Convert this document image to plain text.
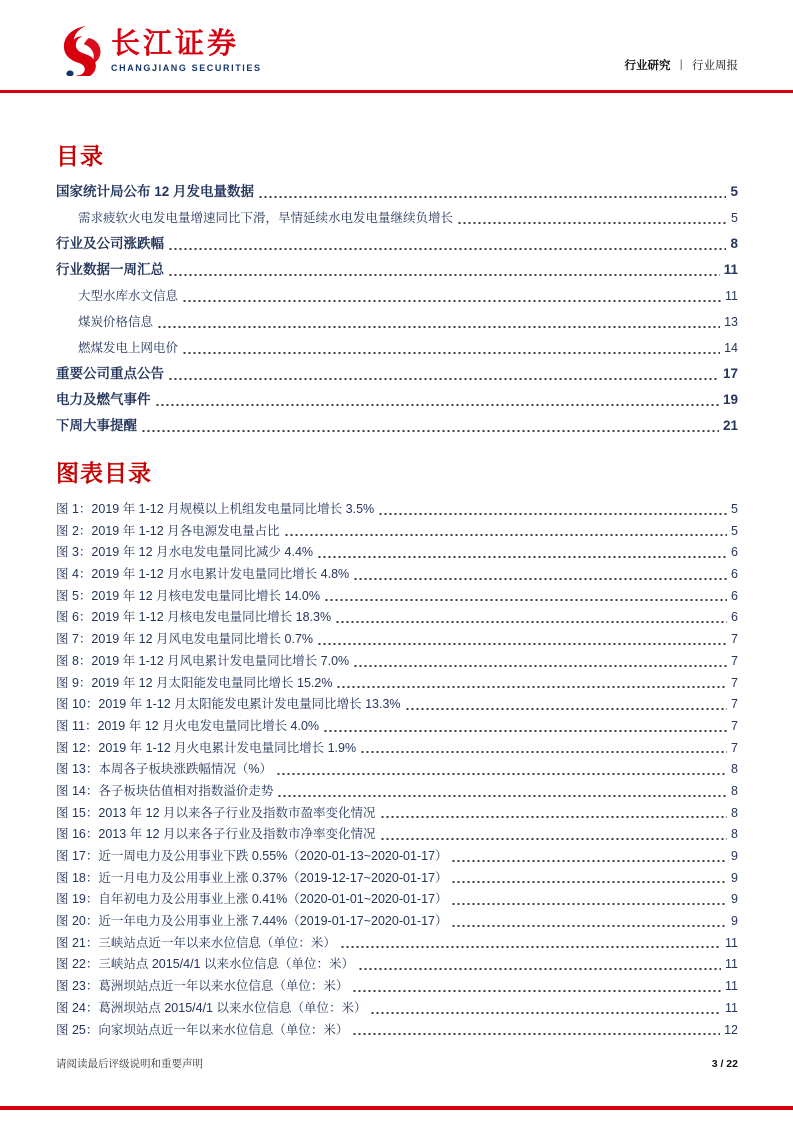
长江证券
CHANGJIANG SECURITIES	行业研究 丨 行业周报
目录
国家统计局公布 12 月发电量数据	5
需求疲软火电发电量增速同比下滑，旱情延续水电发电量继续负增长	5
行业及公司涨跌幅	8
行业数据一周汇总	11
大型水库水文信息	11
煤炭价格信息	13
燃煤发电上网电价	14
重要公司重点公告	17
电力及燃气事件	19
下周大事提醒	21
图表目录
图 1：2019 年 1-12 月规模以上机组发电量同比增长 3.5%	5
图 2：2019 年 1-12 月各电源发电量占比	5
图 3：2019 年 12 月水电发电量同比减少 4.4%	6
图 4：2019 年 1-12 月水电累计发电量同比增长 4.8%	6
图 5：2019 年 12 月核电发电量同比增长 14.0%	6
图 6：2019 年 1-12 月核电发电量同比增长 18.3%	6
图 7：2019 年 12 月风电发电量同比增长 0.7%	7
图 8：2019 年 1-12 月风电累计发电量同比增长 7.0%	7
图 9：2019 年 12 月太阳能发电量同比增长 15.2%	7
图 10：2019 年 1-12 月太阳能发电累计发电量同比增长 13.3%	7
图 11：2019 年 12 月火电发电量同比增长 4.0%	7
图 12：2019 年 1-12 月火电累计发电量同比增长 1.9%	7
图 13：本周各子板块涨跌幅情况（%）	8
图 14：各子板块估值相对指数溢价走势	8
图 15：2013 年 12 月以来各子行业及指数市盈率变化情况	8
图 16：2013 年 12 月以来各子行业及指数市净率变化情况	8
图 17：近一周电力及公用事业下跌 0.55%（2020-01-13~2020-01-17）	9
图 18：近一月电力及公用事业上涨 0.37%（2019-12-17~2020-01-17）	9
图 19：自年初电力及公用事业上涨 0.41%（2020-01-01~2020-01-17）	9
图 20：近一年电力及公用事业上涨 7.44%（2019-01-17~2020-01-17）	9
图 21：三峡站点近一年以来水位信息（单位：米）	11
图 22：三峡站点 2015/4/1 以来水位信息（单位：米）	11
图 23：葛洲坝站点近一年以来水位信息（单位：米）	11
图 24：葛洲坝站点 2015/4/1 以来水位信息（单位：米）	11
图 25：向家坝站点近一年以来水位信息（单位：米）	12
请阅读最后评级说明和重要声明	3 / 22
